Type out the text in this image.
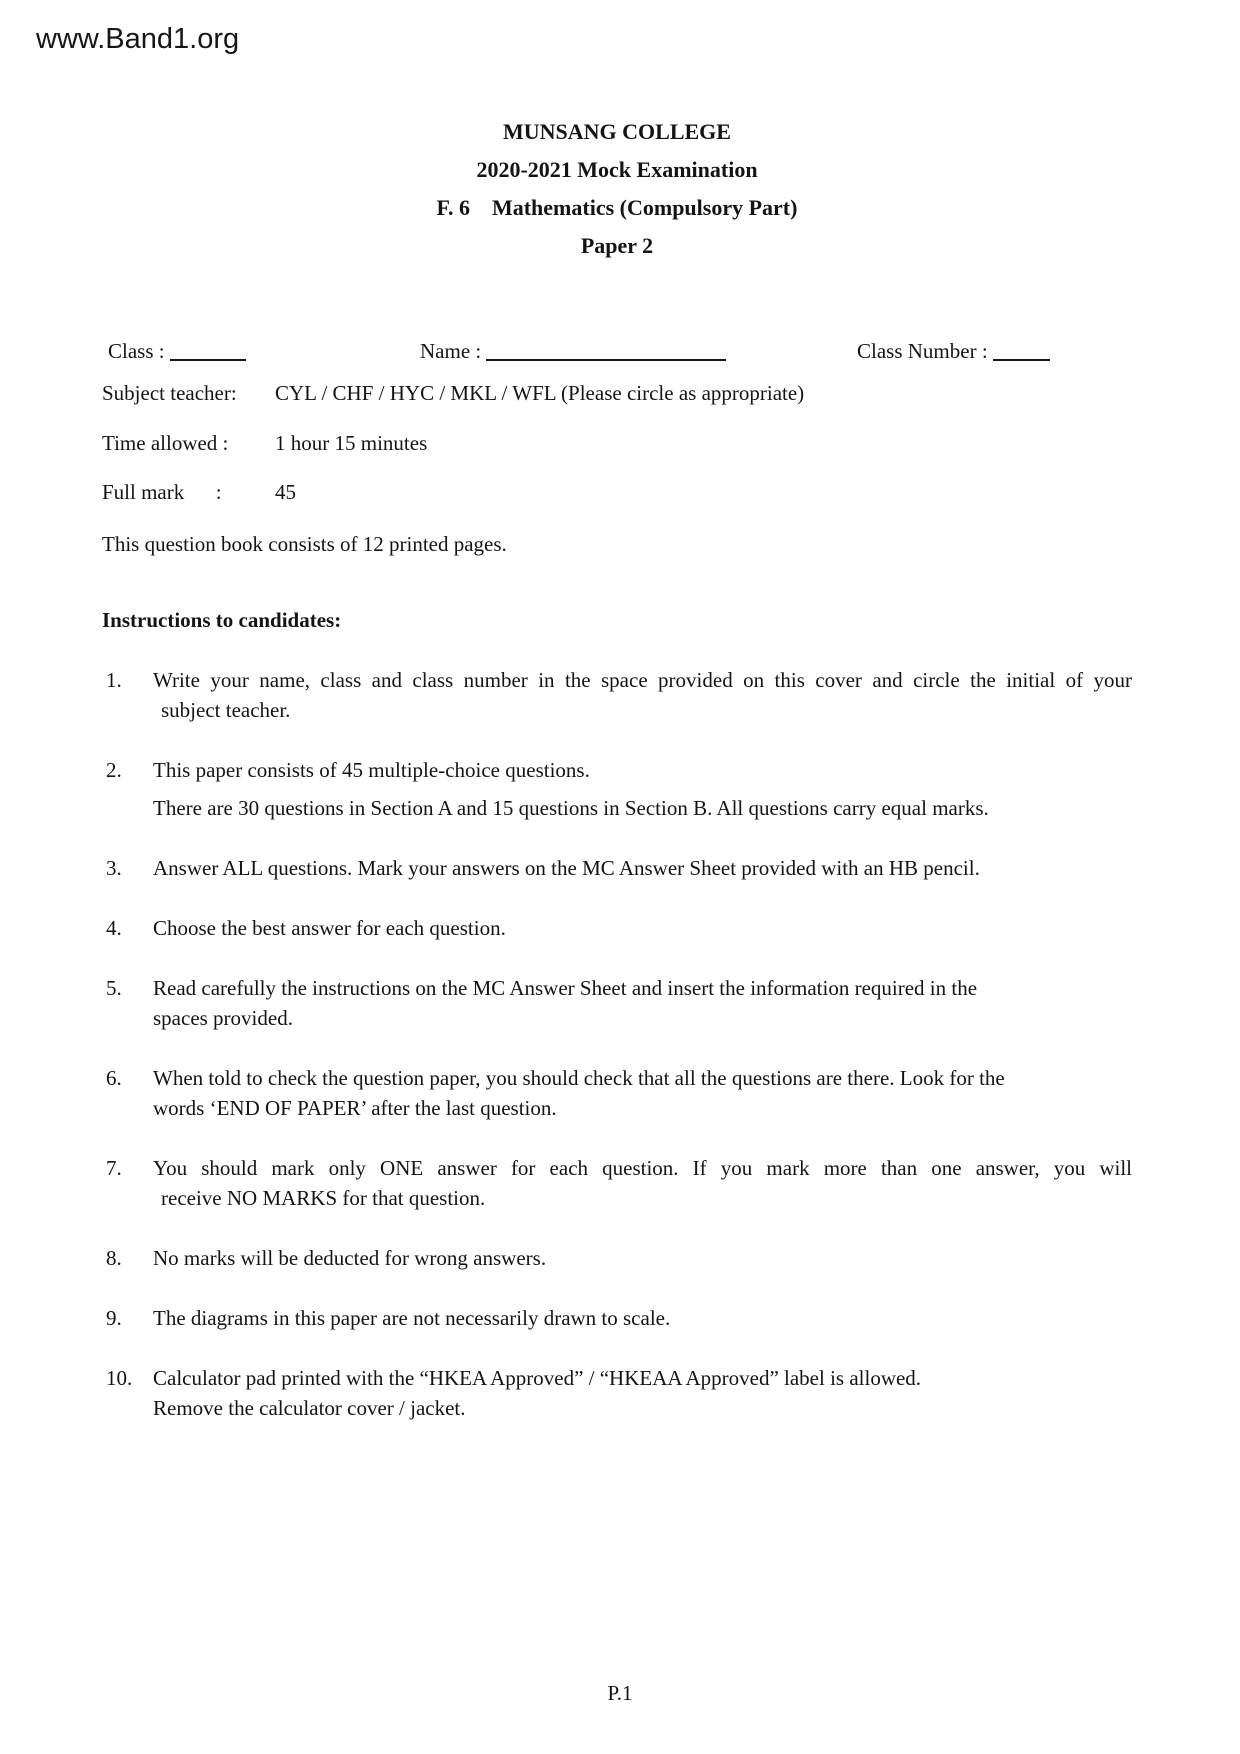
www.Band1.org
MUNSANG COLLEGE
2020-2021 Mock Examination
F. 6    Mathematics (Compulsory Part)
Paper 2
Class :	Name :	Class Number :
Subject teacher:	CYL / CHF / HYC / MKL / WFL (Please circle as appropriate)
Time allowed :	1 hour 15 minutes
Full mark      :	45
This question book consists of 12 printed pages.
Instructions to candidates:
1.	Write your name, class and class number in the space provided on this cover and circle the initial of your
subject teacher.
2.	This paper consists of 45 multiple-choice questions.
There are 30 questions in Section A and 15 questions in Section B. All questions carry equal marks.
3.	Answer ALL questions. Mark your answers on the MC Answer Sheet provided with an HB pencil.
4.	Choose the best answer for each question.
5.	Read carefully the instructions on the MC Answer Sheet and insert the information required in the
spaces provided.
6.	When told to check the question paper, you should check that all the questions are there. Look for the
words ‘END OF PAPER’ after the last question.
7.	You should mark only ONE answer for each question. If you mark more than one answer, you will
receive NO MARKS for that question.
8.	No marks will be deducted for wrong answers.
9.	The diagrams in this paper are not necessarily drawn to scale.
10. Calculator pad printed with the “HKEA Approved” / “HKEAA Approved” label is allowed.
Remove the calculator cover / jacket.
P.1
